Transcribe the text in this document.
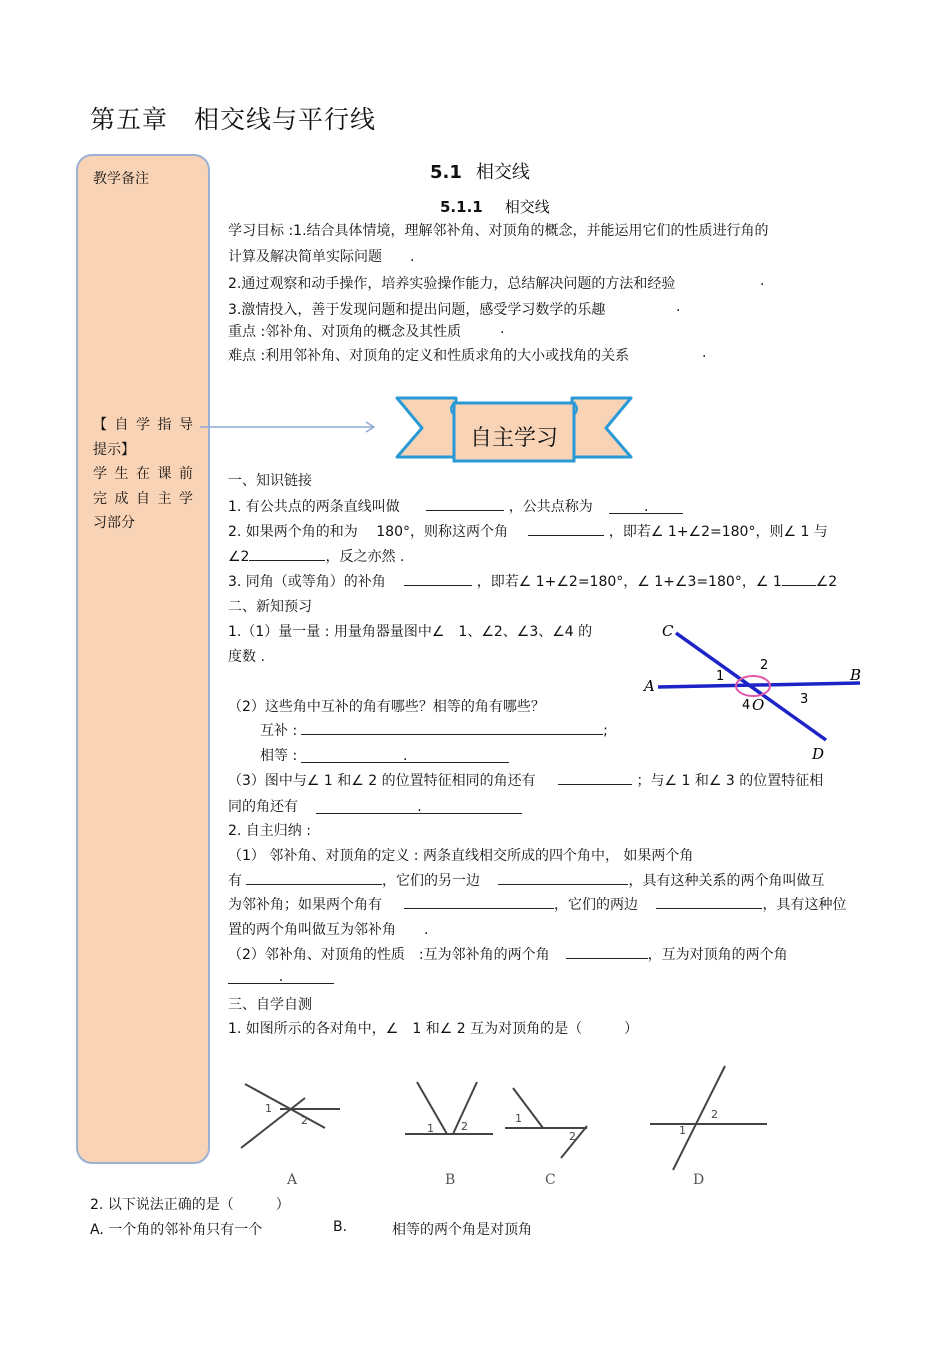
第五章　相交线与平行线
教学备注
【自学指导
提示】
学生在课前
完成自主学
习部分
5.1 相交线
5.1.1 相交线
学习目标 :1.结合具体情境，理解邻补角、对顶角的概念，并能运用它们的性质进行角的
计算及解决简单实际问题　　.
2.通过观察和动手操作，培养实验操作能力，总结解决问题的方法和经验	.
3.激情投入，善于发现问题和提出问题，感受学习数学的乐趣	.
重点 :邻补角、对顶角的概念及其性质	.
难点 :利用邻补角、对顶角的定义和性质求角的大小或找角的关系	.
自主学习
一、知识链接
1. 有公共点的两条直线叫做	，公共点称为	.
2. 如果两个角的和为　 180°，则称这两个角	，即若∠ 1+∠2=180°，则∠ 1 与
∠2	，反之亦然 .
3. 同角（或等角）的补角	，即若∠ 1+∠2=180°，∠ 1+∠3=180°，∠ 1 ∠2
二、新知预习
1.（1）量一量 : 用量角器量图中∠　1、∠2、∠3、∠4 的
度数 .
C
B
A
D
O
1
2
3
4
（2）这些角中互补的角有哪些？相等的角有哪些？
互补 :	;
相等 :	.
（3）图中与∠ 1 和∠ 2 的位置特征相同的角还有	；与∠ 1 和∠ 3 的位置特征相
同的角还有	.
2. 自主归纳 :
（1） 邻补角、对顶角的定义 : 两条直线相交所成的四个角中， 如果两个角
有	，它们的另一边	，具有这种关系的两个角叫做互
为邻补角；如果两个角有	，它们的两边	，具有这种位
置的两个角叫做互为邻补角　　.
（2）邻补角、对顶角的性质　:互为邻补角的两个角	，互为对顶角的两个角
.
三、自学自测
1. 如图所示的各对角中，∠　1 和∠ 2 互为对顶角的是（　　　）
1
2
1 2
1
2	1
2
A	B	C	D
2. 以下说法正确的是（　　　）
A. 一个角的邻补角只有一个	B.	相等的两个角是对顶角
